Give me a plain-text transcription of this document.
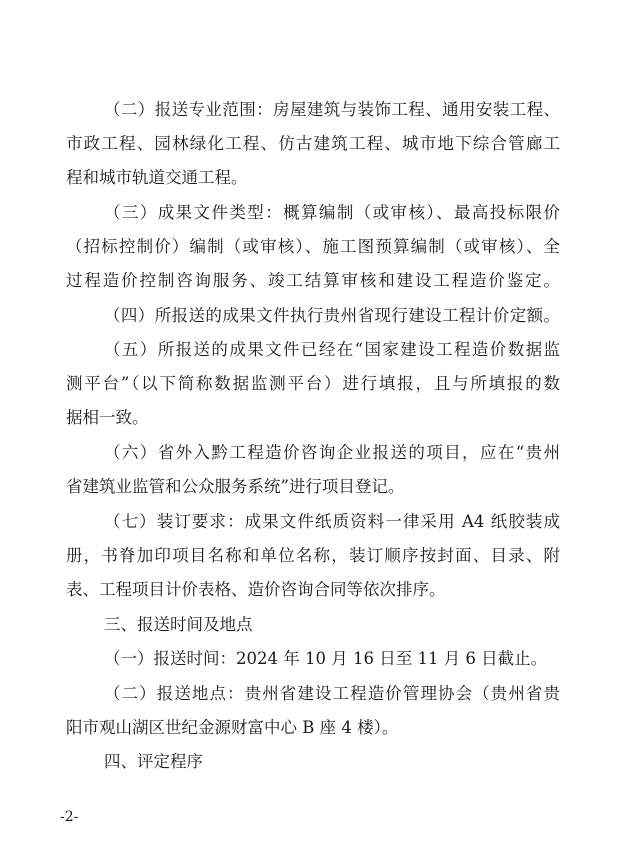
（二）报送专业范围：房屋建筑与装饰工程、通用安装工程、
市政工程、园林绿化工程、仿古建筑工程、城市地下综合管廊工
程和城市轨道交通工程。
（三）成果文件类型：概算编制（或审核）、最高投标限价
（招标控制价）编制（或审核）、施工图预算编制（或审核）、全
过程造价控制咨询服务、竣工结算审核和建设工程造价鉴定。
（四）所报送的成果文件执行贵州省现行建设工程计价定额。
（五）所报送的成果文件已经在“国家建设工程造价数据监
测平台”（以下简称数据监测平台）进行填报，且与所填报的数
据相一致。
（六）省外入黔工程造价咨询企业报送的项目，应在“贵州
省建筑业监管和公众服务系统”进行项目登记。
（七）装订要求：成果文件纸质资料一律采用 A4 纸胶装成
册，书脊加印项目名称和单位名称，装订顺序按封面、目录、附
表、工程项目计价表格、造价咨询合同等依次排序。
三、报送时间及地点
（一）报送时间：2024 年 10 月 16 日至 11 月 6 日截止。
（二）报送地点：贵州省建设工程造价管理协会（贵州省贵
阳市观山湖区世纪金源财富中心 B 座 4 楼）。
四、评定程序
-2-
